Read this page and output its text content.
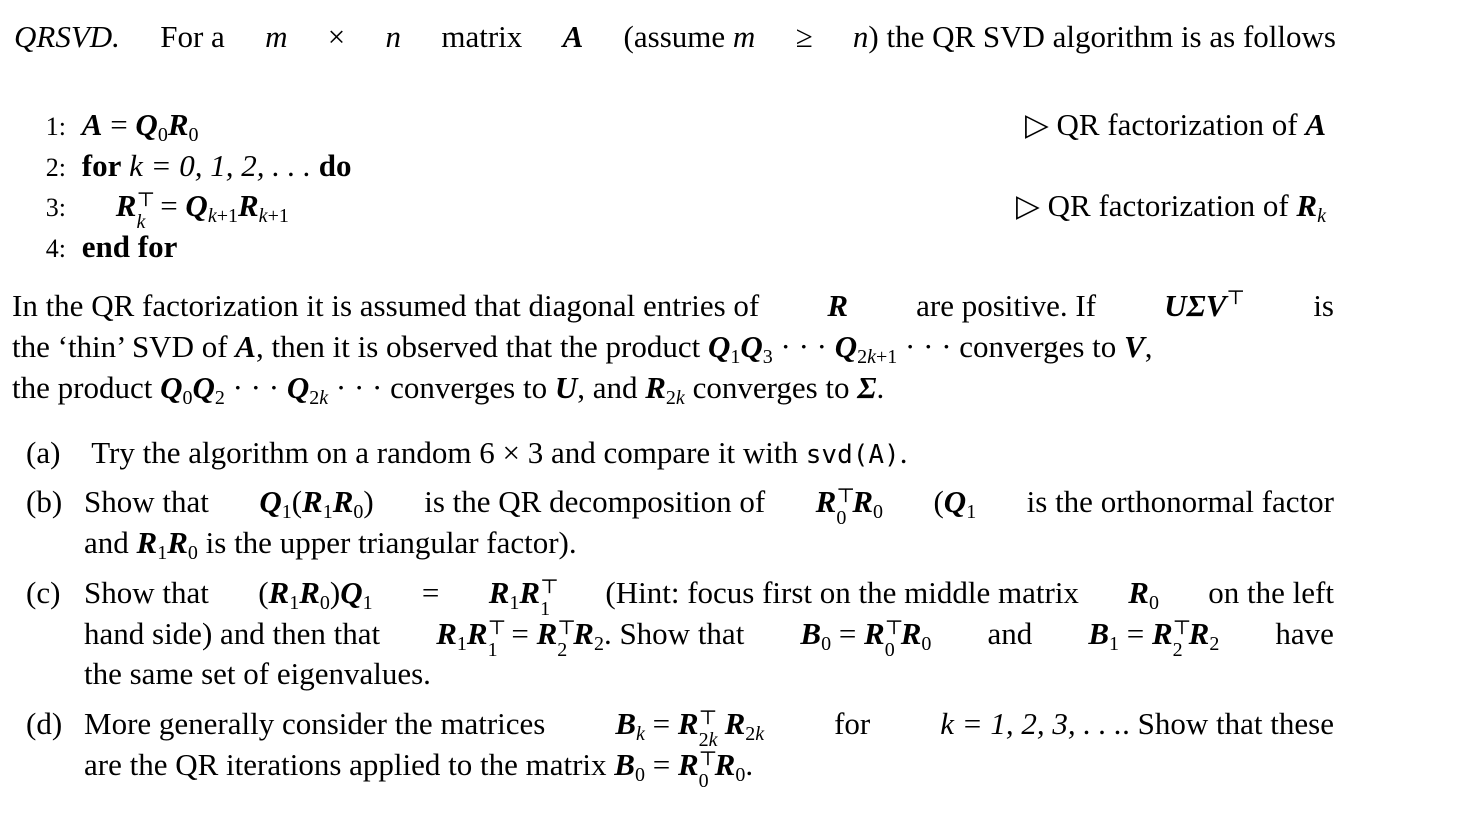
QRSVD. For a m × n matrix A (assume m ≥ n) the QR SVD algorithm is as follows
1: $A = Q_0R_0$	▷ QR factorization of A
2: for k = 0, 1, 2, . . . do
3: R ⊤
$k = Q_{k+1}R_{k+1}$	▷ QR factorization of $R_k$
4: end for
In the QR factorization it is assumed that diagonal entries of R are positive. If UΣV⊤ is
the ‘thin’ SVD of A, then it is observed that the product $Q_1Q_3$ · · · $Q_{2k+1}$ · · · converges to V,
the product $Q_0Q_2$ · · · $Q_{2k}$ · · · converges to U, and $R_{2k}$ converges to Σ.
(a) Try the algorithm on a random 6 × 3 and compare it with svd(A).
(b) Show that $Q_1(R_1R_0)$ is the QR decomposition of R ⊤
0 $R_0$ ($Q_1$ is the orthonormal factor
and $R_1R_0$ is the upper triangular factor).
(c) Show that $(R_1R_0)Q_1 = R_1R$ ⊤
1 (Hint: focus first on the middle matrix $R_0$ on the left
hand side) and then that $R_1R$ ⊤
1 = R ⊤
2 $R_2$. Show that $B_0 = R$ ⊤
0 $R_0$ and $B_1 = R$ ⊤
2 $R_2$ have
the same set of eigenvalues.
(d) More generally consider the matrices $B_k = R$ ⊤
2k $R_{2k}$ for k = 1, 2, 3, . . .. Show that these
are the QR iterations applied to the matrix $B_0 = R$ ⊤
0 $R_0$.
